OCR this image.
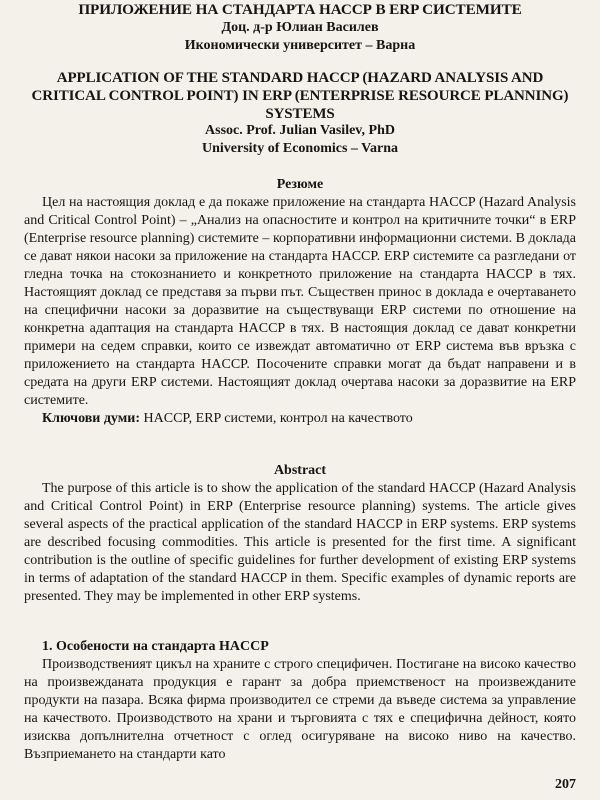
ПРИЛОЖЕНИЕ НА СТАНДАРТА НАССР В ERP СИСТЕМИТЕ
Доц. д-р Юлиан Василев
Икономически университет – Варна
APPLICATION OF THE STANDARD HACCP (HAZARD ANALYSIS AND CRITICAL CONTROL POINT) IN ERP (ENTERPRISE RESOURCE PLANNING) SYSTEMS
Assoc. Prof. Julian Vasilev, PhD
University of Economics – Varna
Резюме
Цел на настоящия доклад е да покаже приложение на стандарта HACCP (Hazard Analysis and Critical Control Point) – „Анализ на опасностите и контрол на критичните точки“ в ERP (Enterprise resource planning) системите – корпоративни информационни системи. В доклада се дават някои насоки за приложение на стандарта HACCP. ERP системите са разгледани от гледна точка на стокознанието и конкретното приложение на стандарта HACCP в тях. Настоящият доклад се представя за първи път. Съществен принос в доклада е очертаването на специфични насоки за доразвитие на съществуващи ERP системи по отношение на конкретна адаптация на стандарта HACCP в тях. В настоящия доклад се дават конкретни примери на седем справки, които се извеждат автоматично от ERP система във връзка с приложението на стандарта HACCP. Посочените справки могат да бъдат направени и в средата на други ERP системи. Настоящият доклад очертава насоки за доразвитие на ERP системите.
Ключови думи: HACCP, ERP системи, контрол на качеството
Abstract
The purpose of this article is to show the application of the standard HACCP (Hazard Analysis and Critical Control Point) in ERP (Enterprise resource planning) systems. The article gives several aspects of the practical application of the standard HACCP in ERP systems. ERP systems are described focusing commodities. This article is presented for the first time. A significant contribution is the outline of specific guidelines for further development of existing ERP systems in terms of adaptation of the standard HACCP in them. Specific examples of dynamic reports are presented. They may be implemented in other ERP systems.
1. Особености на стандарта HACCP
Производственият цикъл на храните с строго специфичен. Постигане на високо качество на произвежданата продукция е гарант за добра приемственост на произвежданите продукти на пазара. Всяка фирма производител се стреми да въведе система за управление на качеството. Производството на храни и търговията с тях е специфична дейност, която изисква допълнителна отчетност с оглед осигуряване на високо ниво на качество. Възприемането на стандарти като
207
